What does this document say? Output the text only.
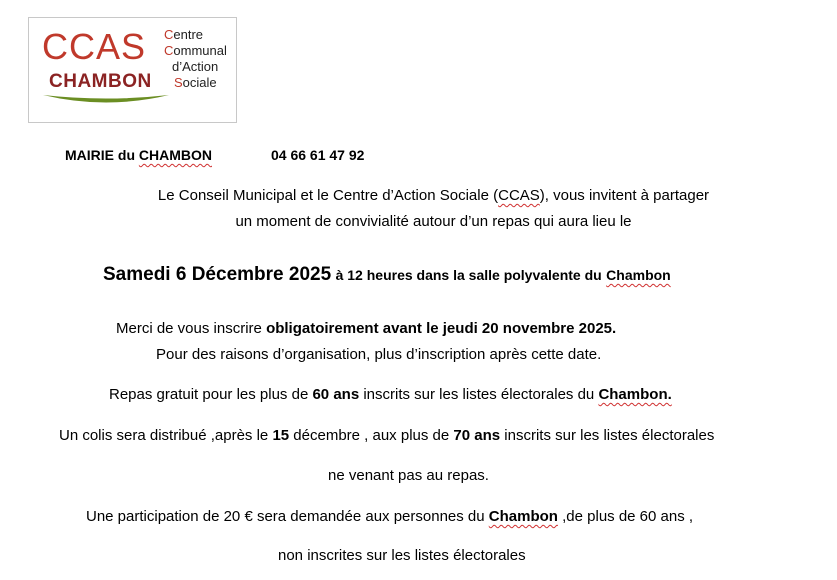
CCAS
CHAMBON
Centre
Communal
d’Action
Sociale
MAIRIE du CHAMBON	04 66 61 47 92
Le Conseil Municipal et le Centre d’Action Sociale (CCAS), vous invitent à partager
un moment de convivialité autour d’un repas qui aura lieu le
Samedi 6 Décembre 2025 à 12 heures dans la salle polyvalente du Chambon
Merci de vous inscrire obligatoirement avant le jeudi 20 novembre 2025.
Pour des raisons d’organisation, plus d’inscription après cette date.
Repas gratuit pour les plus de 60 ans inscrits sur les listes électorales du Chambon.
Un colis sera distribué ,après le 15 décembre , aux plus de 70 ans inscrits sur les listes électorales
ne venant pas au repas.
Une participation de 20 € sera demandée aux personnes du Chambon ,de plus de 60 ans ,
non inscrites sur les listes électorales
